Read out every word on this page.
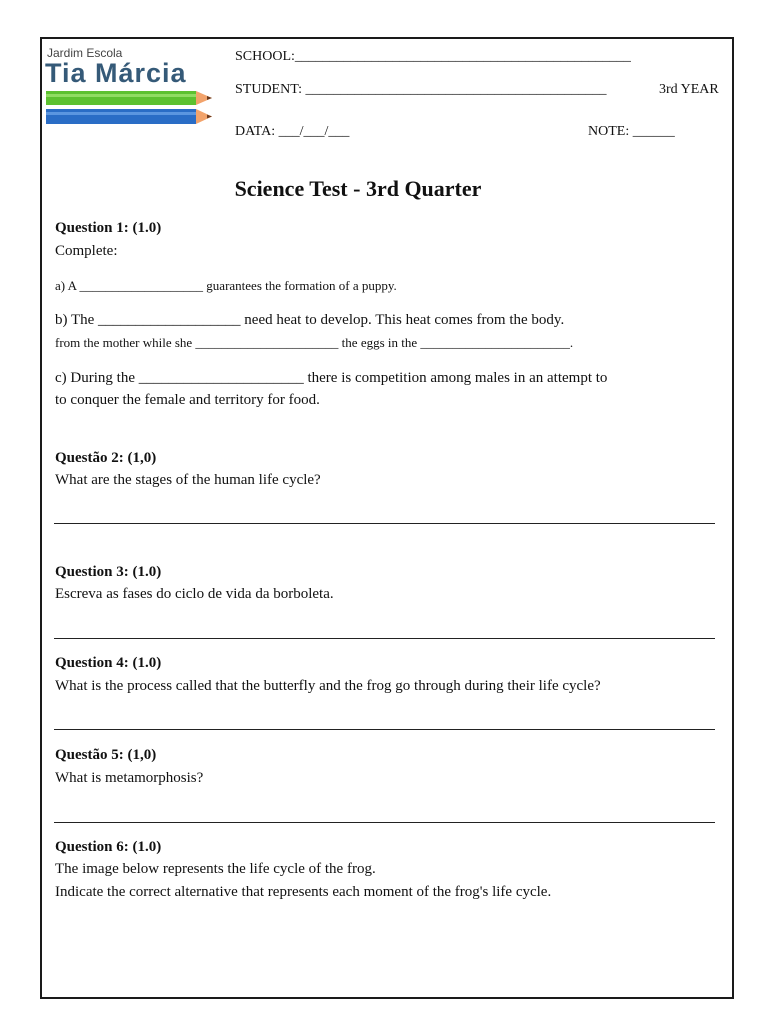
Jardim Escola
Tia Márcia
SCHOOL:________________________________________________
STUDENT: ___________________________________________	3rd YEAR
DATA: ___/___/___	NOTE: ______
Science Test - 3rd Quarter
Question 1: (1.0)
Complete:
a) A ___________________ guarantees the formation of a puppy.
b) The ___________________ need heat to develop. This heat comes from the body.
from the mother while she ______________________ the eggs in the _______________________.
c) During the ______________________ there is competition among males in an attempt to
to conquer the female and territory for food.
Questão 2: (1,0)
What are the stages of the human life cycle?
Question 3: (1.0)
Escreva as fases do ciclo de vida da borboleta.
Question 4: (1.0)
What is the process called that the butterfly and the frog go through during their life cycle?
Questão 5: (1,0)
What is metamorphosis?
Question 6: (1.0)
The image below represents the life cycle of the frog.
Indicate the correct alternative that represents each moment of the frog's life cycle.
